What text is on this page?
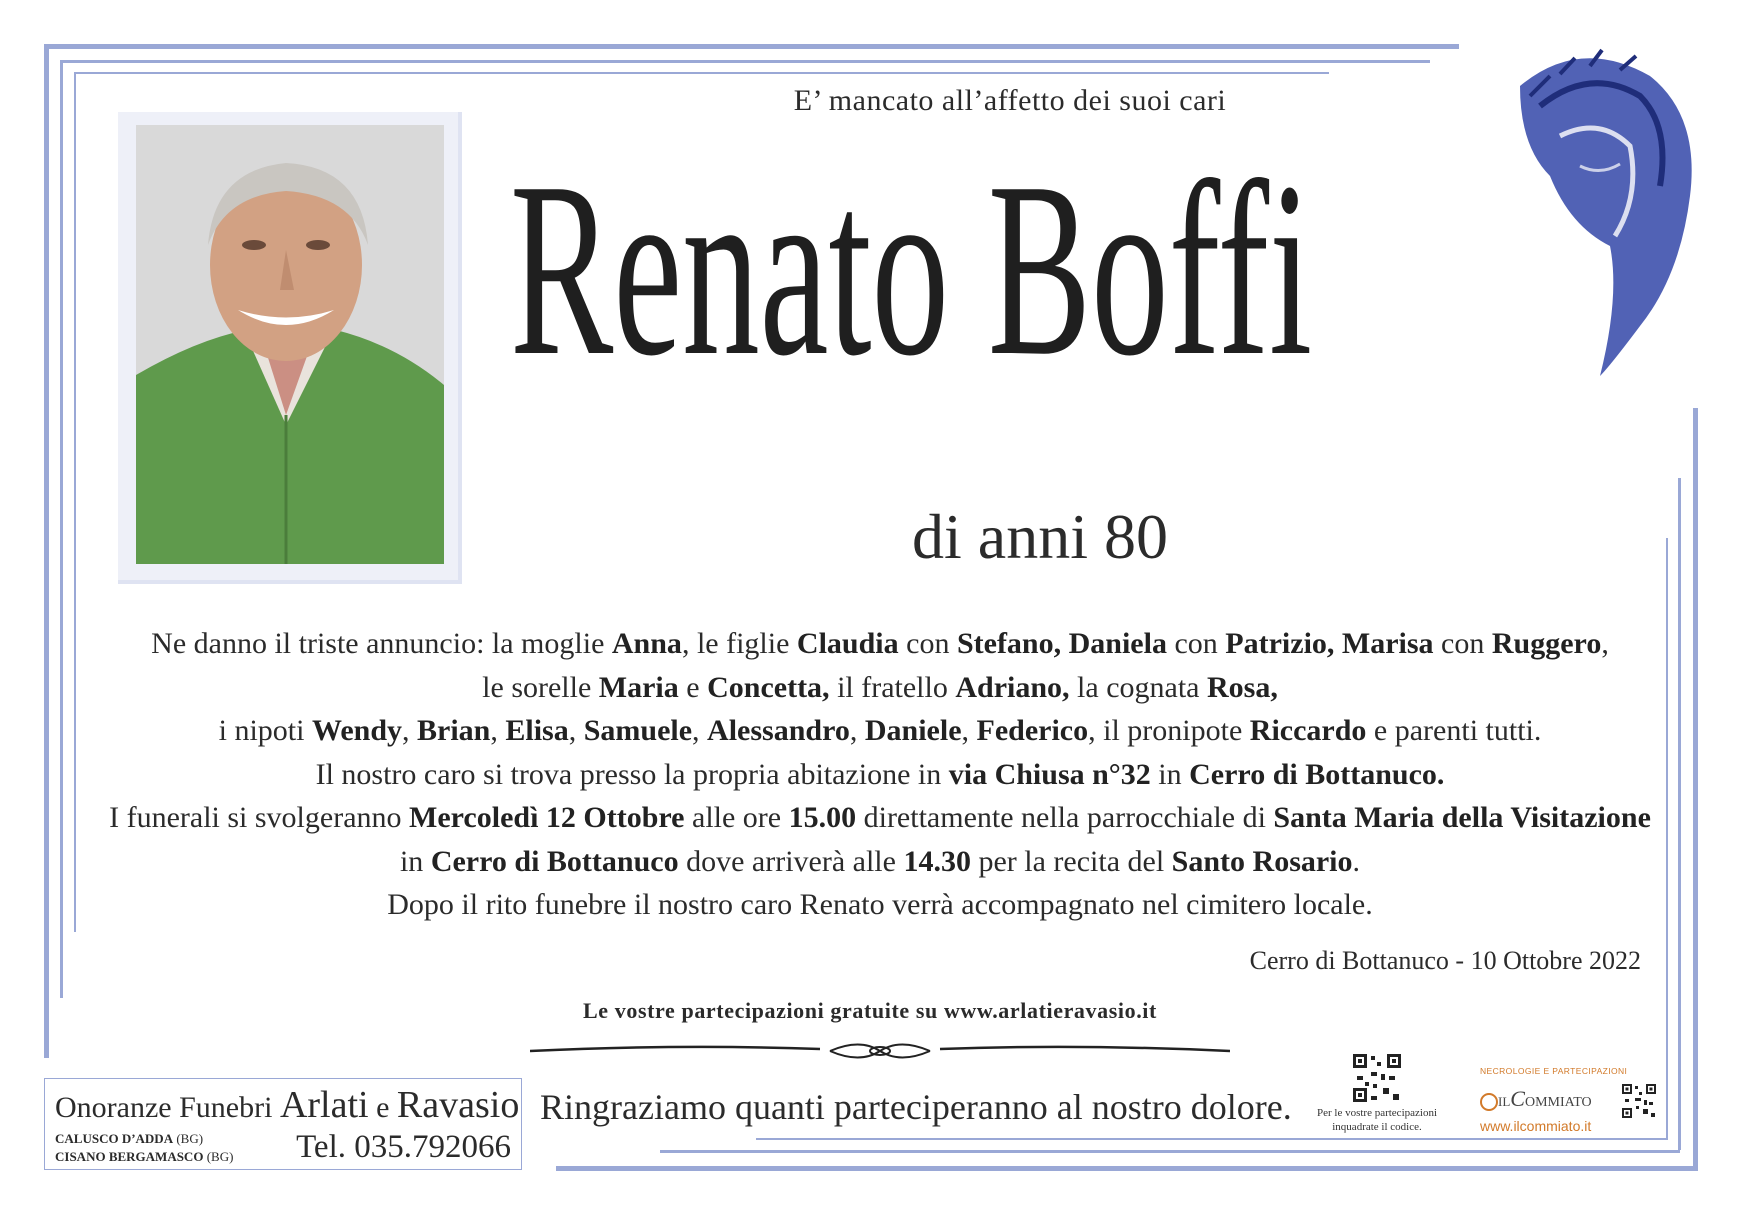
E’ mancato all’affetto dei suoi cari
Renato Boffi
di anni 80

Ne danno il triste annuncio: la moglie Anna, le figlie Claudia con Stefano, Daniela con Patrizio, Marisa con Ruggero,

le sorelle Maria e Concetta, il fratello Adriano, la cognata Rosa,

i nipoti Wendy, Brian, Elisa, Samuele, Alessandro, Daniele, Federico, il pronipote Riccardo e parenti tutti.

Il nostro caro si trova presso la propria abitazione in via Chiusa n°32 in Cerro di Bottanuco.

I funerali si svolgeranno Mercoledì 12 Ottobre alle ore 15.00 direttamente nella parrocchiale di Santa Maria della Visitazione

in Cerro di Bottanuco dove arriverà alle 14.30 per la recita del Santo Rosario.

Dopo il rito funebre il nostro caro Renato verrà accompagnato nel cimitero locale.

Cerro di Bottanuco - 10 Ottobre 2022
Le vostre partecipazioni gratuite su www.arlatieravasio.it
Onoranze Funebri Arlati e Ravasio
CALUSCO D’ADDA (BG)
CISANO BERGAMASCO (BG) Tel. 035.792066
Ringraziamo quanti parteciperanno al nostro dolore.	Per le vostre partecipazioni
inquadrate il codice.
NECROLOGIE E PARTECIPAZIONI
ILCOMMIATO
www.ilcommiato.it
